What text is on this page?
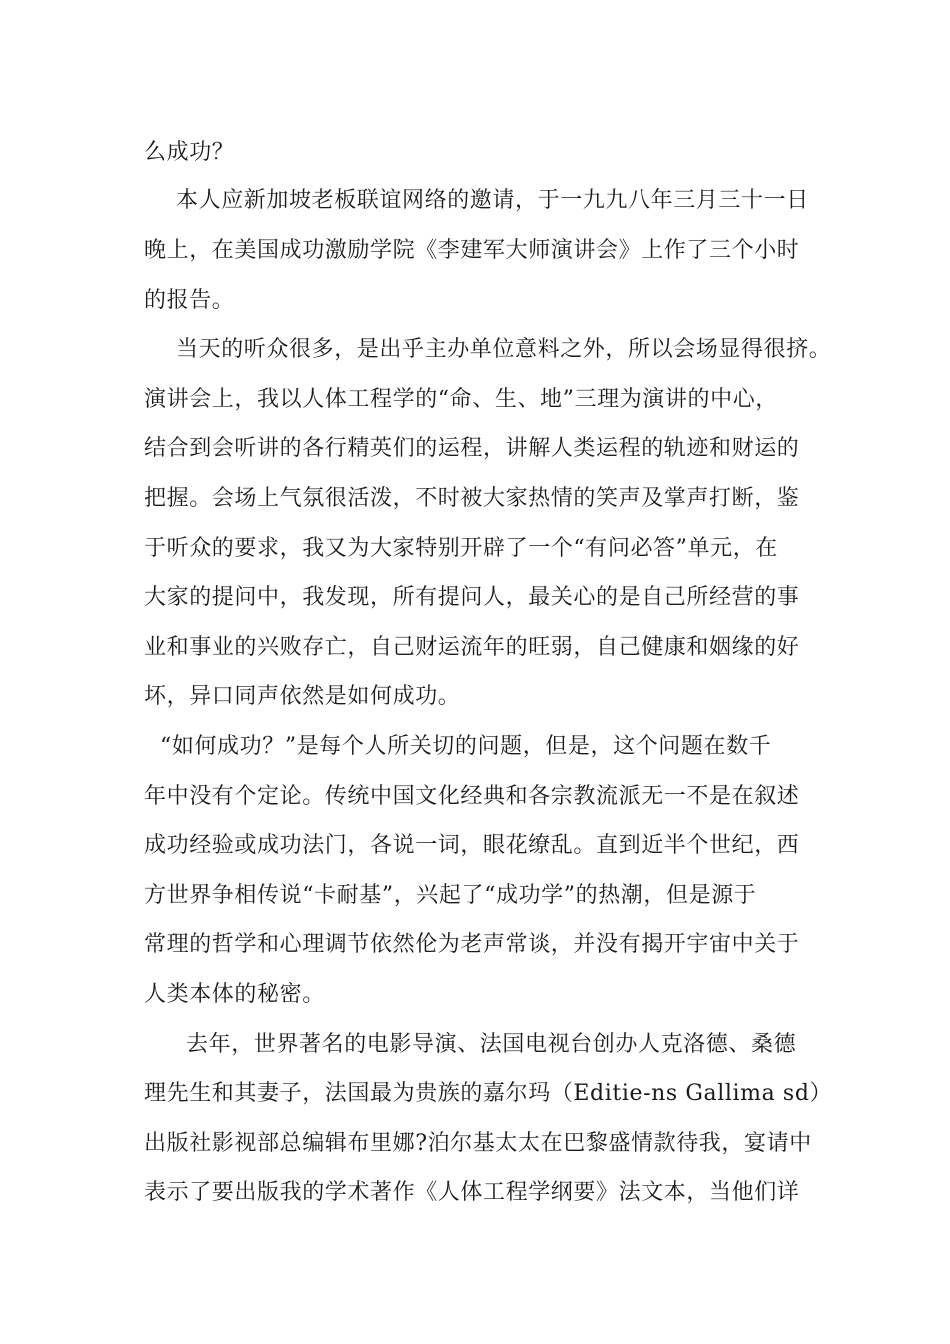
么成功？
本人应新加坡老板联谊网络的邀请，于一九九八年三月三十一日
晚上，在美国成功激励学院《李建军大师演讲会》上作了三个小时
的报告。
当天的听众很多，是出乎主办单位意料之外，所以会场显得很挤。
演讲会上，我以人体工程学的“命、生、地”三理为演讲的中心，
结合到会听讲的各行精英们的运程，讲解人类运程的轨迹和财运的
把握。会场上气氛很活泼，不时被大家热情的笑声及掌声打断，鉴
于听众的要求，我又为大家特别开辟了一个“有问必答”单元，在
大家的提问中，我发现，所有提问人，最关心的是自己所经营的事
业和事业的兴败存亡，自己财运流年的旺弱，自己健康和姻缘的好
坏，异口同声依然是如何成功。
“如何成功？”是每个人所关切的问题，但是，这个问题在数千
年中没有个定论。传统中国文化经典和各宗教流派无一不是在叙述
成功经验或成功法门，各说一词，眼花缭乱。直到近半个世纪，西
方世界争相传说“卡耐基”，兴起了“成功学”的热潮，但是源于
常理的哲学和心理调节依然伦为老声常谈，并没有揭开宇宙中关于
人类本体的秘密。
去年，世界著名的电影导演、法国电视台创办人克洛德、桑德
理先生和其妻子，法国最为贵族的嘉尔玛（Editie-ns Gallima sd）
出版社影视部总编辑布里娜?泊尔基太太在巴黎盛情款待我，宴请中
表示了要出版我的学术著作《人体工程学纲要》法文本，当他们详
